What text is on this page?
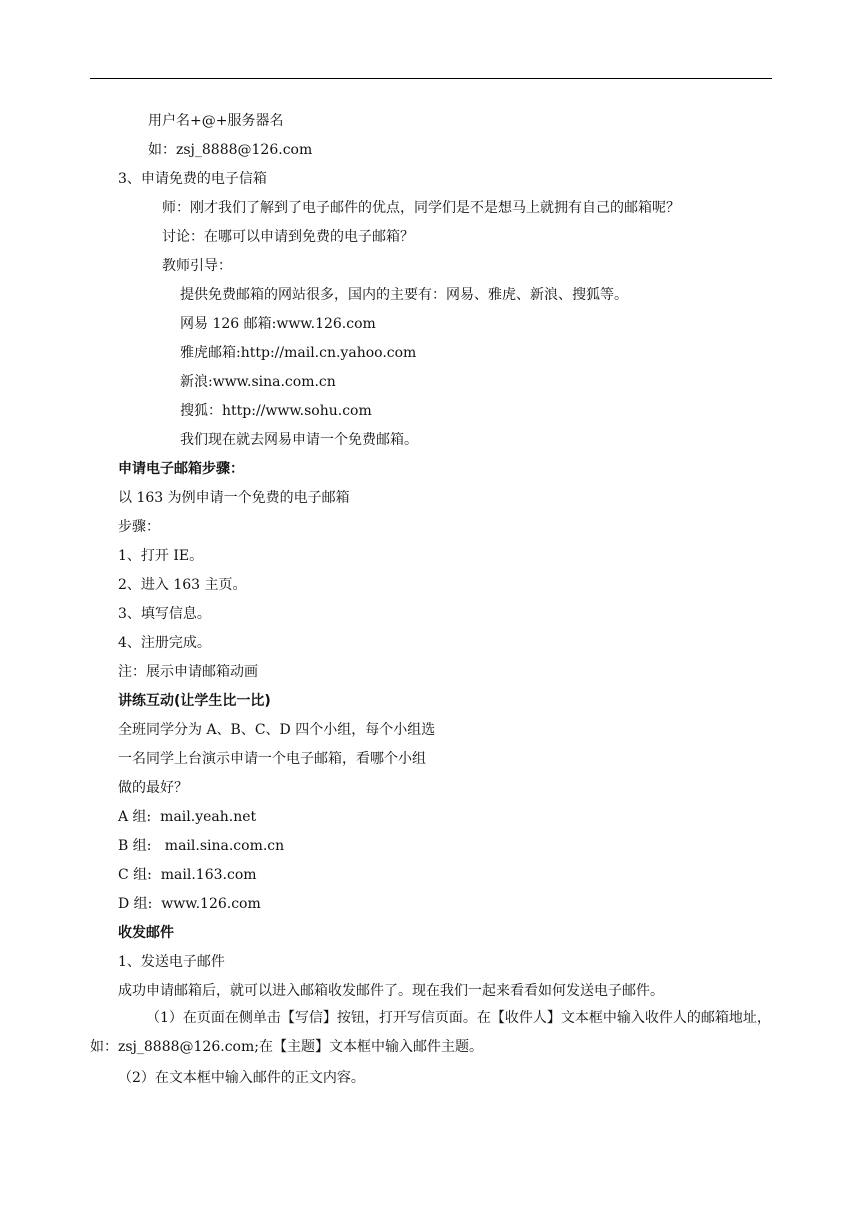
用户名+@+服务器名
如：zsj_8888@126.com
3、申请免费的电子信箱
师：刚才我们了解到了电子邮件的优点，同学们是不是想马上就拥有自己的邮箱呢？
讨论：在哪可以申请到免费的电子邮箱？
教师引导：
提供免费邮箱的网站很多，国内的主要有：网易、雅虎、新浪、搜狐等。
网易 126 邮箱:www.126.com
雅虎邮箱:http://mail.cn.yahoo.com
新浪:www.sina.com.cn
搜狐：http://www.sohu.com
我们现在就去网易申请一个免费邮箱。
申请电子邮箱步骤：
以 163 为例申请一个免费的电子邮箱
步骤：
1、打开 IE。
2、进入 163 主页。
3、填写信息。
4、注册完成。
注：展示申请邮箱动画
讲练互动(让学生比一比)
全班同学分为 A、B、C、D 四个小组，每个小组选
一名同学上台演示申请一个电子邮箱，看哪个小组
做的最好？
A 组:  mail.yeah.net
B 组:   mail.sina.com.cn
C 组:  mail.163.com
D 组:  www.126.com
收发邮件
1、发送电子邮件
成功申请邮箱后，就可以进入邮箱收发邮件了。现在我们一起来看看如何发送电子邮件。
（1）在页面在侧单击【写信】按钮，打开写信页面。在【收件人】文本框中输入收件人的邮箱地址，如：zsj_8888@126.com;在【主题】文本框中输入邮件主题。
（2）在文本框中输入邮件的正文内容。
